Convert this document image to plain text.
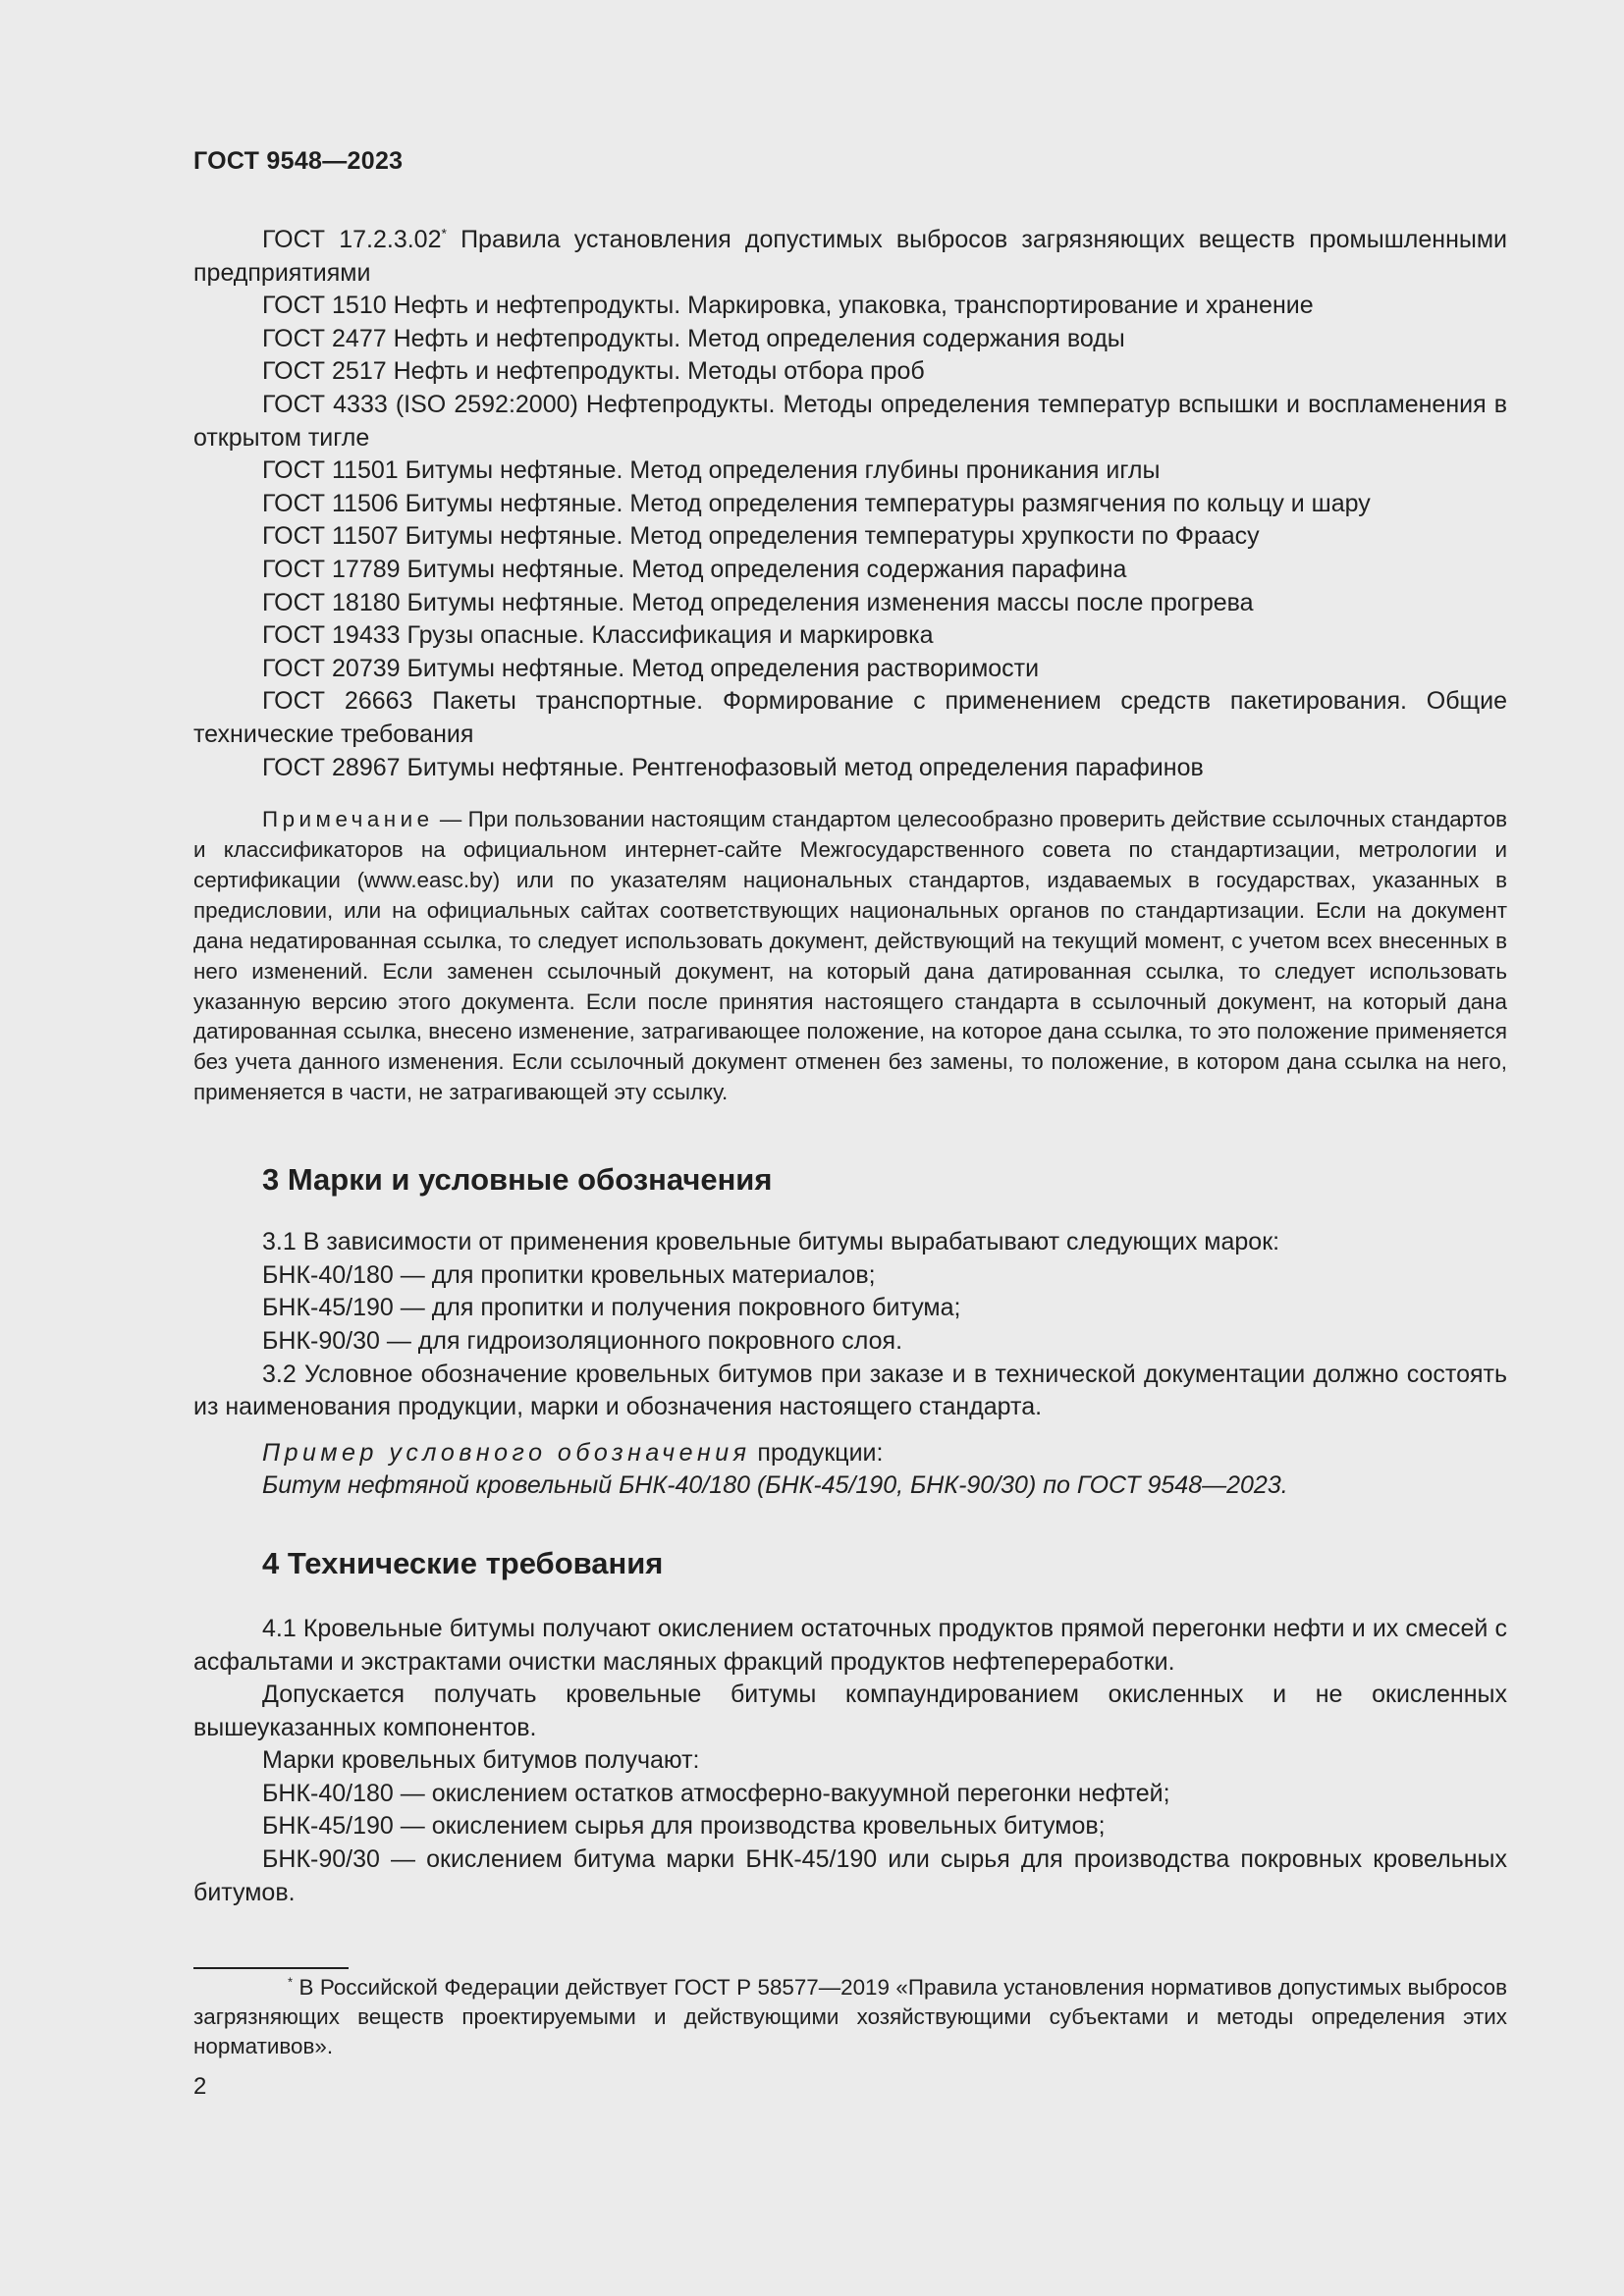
ГОСТ 9548—2023

ГОСТ 17.2.3.02* Правила установления допустимых выбросов загрязняющих веществ промышленными предприятиями

ГОСТ 1510 Нефть и нефтепродукты. Маркировка, упаковка, транспортирование и хранение

ГОСТ 2477 Нефть и нефтепродукты. Метод определения содержания воды

ГОСТ 2517 Нефть и нефтепродукты. Методы отбора проб

ГОСТ 4333 (ISO 2592:2000) Нефтепродукты. Методы определения температур вспышки и воспламенения в открытом тигле

ГОСТ 11501 Битумы нефтяные. Метод определения глубины проникания иглы

ГОСТ 11506 Битумы нефтяные. Метод определения температуры размягчения по кольцу и шару

ГОСТ 11507 Битумы нефтяные. Метод определения температуры хрупкости по Фраасу

ГОСТ 17789 Битумы нефтяные. Метод определения содержания парафина

ГОСТ 18180 Битумы нефтяные. Метод определения изменения массы после прогрева

ГОСТ 19433 Грузы опасные. Классификация и маркировка

ГОСТ 20739 Битумы нефтяные. Метод определения растворимости

ГОСТ 26663 Пакеты транспортные. Формирование с применением средств пакетирования. Общие технические требования

ГОСТ 28967 Битумы нефтяные. Рентгенофазовый метод определения парафинов

Примечание — При пользовании настоящим стандартом целесообразно проверить действие ссылочных стандартов и классификаторов на официальном интернет-сайте Межгосударственного совета по стандартизации, метрологии и сертификации (www.easc.by) или по указателям национальных стандартов, издаваемых в государствах, указанных в предисловии, или на официальных сайтах соответствующих национальных органов по стандартизации. Если на документ дана недатированная ссылка, то следует использовать документ, действующий на текущий момент, с учетом всех внесенных в него изменений. Если заменен ссылочный документ, на который дана датированная ссылка, то следует использовать указанную версию этого документа. Если после принятия настоящего стандарта в ссылочный документ, на который дана датированная ссылка, внесено изменение, затрагивающее положение, на которое дана ссылка, то это положение применяется без учета данного изменения. Если ссылочный документ отменен без замены, то положение, в котором дана ссылка на него, применяется в части, не затрагивающей эту ссылку.
3 Марки и условные обозначения

3.1 В зависимости от применения кровельные битумы вырабатывают следующих марок:

БНК-40/180 — для пропитки кровельных материалов;

БНК-45/190 — для пропитки и получения покровного битума;

БНК-90/30 — для гидроизоляционного покровного слоя.

3.2 Условное обозначение кровельных битумов при заказе и в технической документации должно состоять из наименования продукции, марки и обозначения настоящего стандарта.

Пример условного обозначения продукции:
Битум нефтяной кровельный БНК-40/180 (БНК-45/190, БНК-90/30) по ГОСТ 9548—2023.
4 Технические требования

4.1 Кровельные битумы получают окислением остаточных продуктов прямой перегонки нефти и их смесей с асфальтами и экстрактами очистки масляных фракций продуктов нефтепереработки.

Допускается получать кровельные битумы компаундированием окисленных и не окисленных вышеуказанных компонентов.

Марки кровельных битумов получают:

БНК-40/180 — окислением остатков атмосферно-вакуумной перегонки нефтей;

БНК-45/190 — окислением сырья для производства кровельных битумов;

БНК-90/30 — окислением битума марки БНК-45/190 или сырья для производства покровных кровельных битумов.

* В Российской Федерации действует ГОСТ Р 58577—2019 «Правила установления нормативов допустимых выбросов загрязняющих веществ проектируемыми и действующими хозяйствующими субъектами и методы определения этих нормативов».
2
